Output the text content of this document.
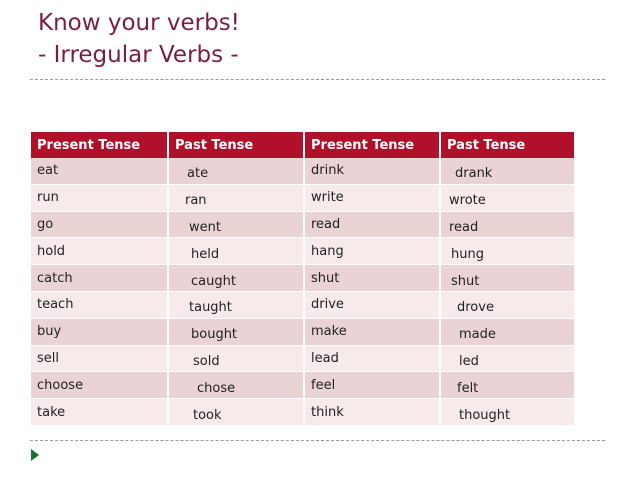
Know your verbs!
- Irregular Verbs -
Present Tense	Past Tense	Present Tense	Past Tense
eat	ate	drink	drank
run	ran	write	wrote
go	went	read	read
hold	held	hang	hung
catch	caught	shut	shut
teach	taught	drive	drove
buy	bought	make	made
sell	sold	lead	led
choose	chose	feel	felt
take	took	think	thought
